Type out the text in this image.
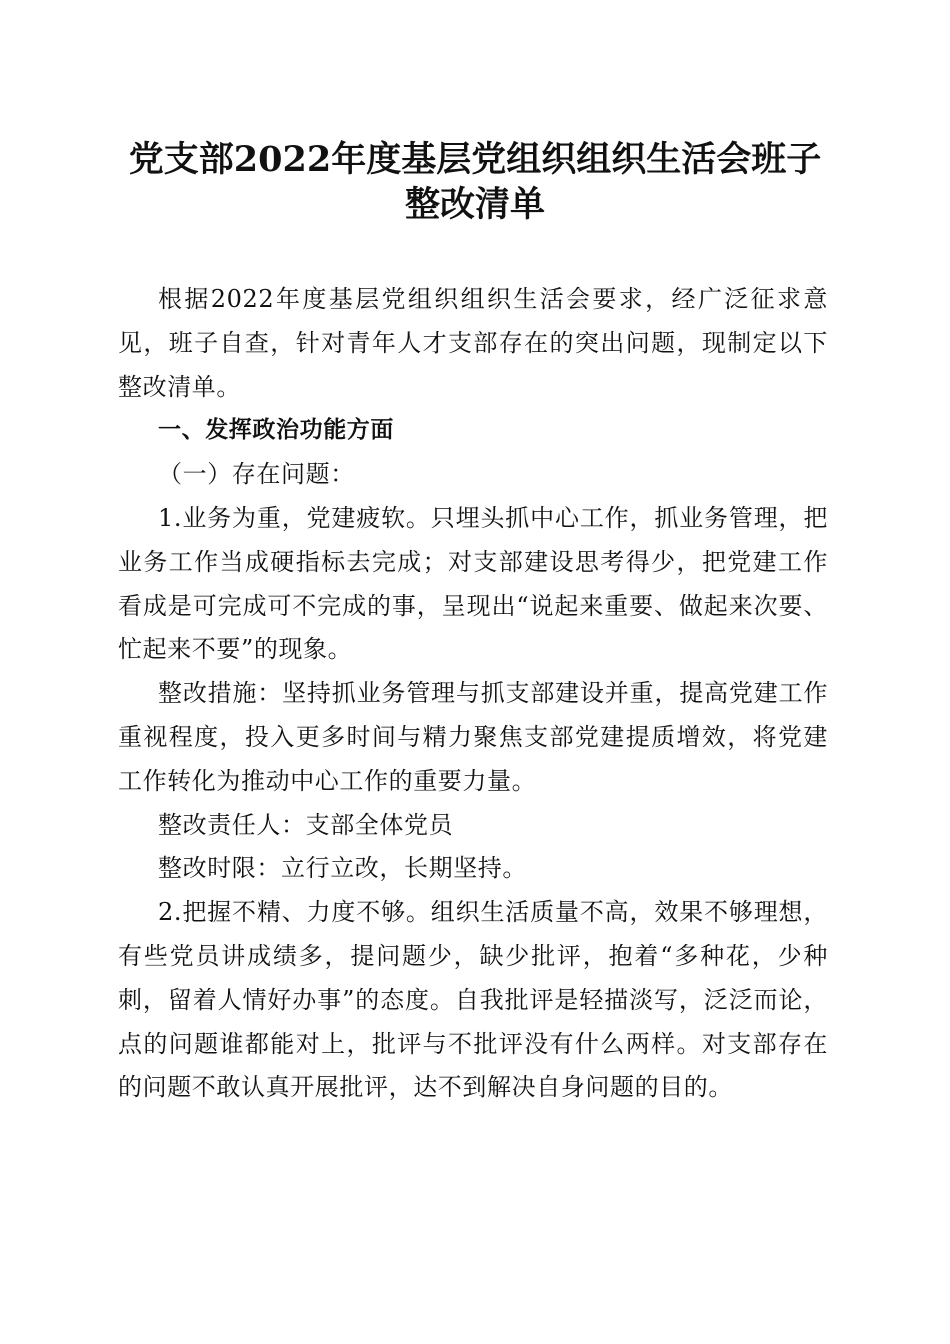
党支部2022年度基层党组织组织生活会班子
整改清单

根据2022年度基层党组织组织生活会要求，经广泛征求意见，班子自查，针对青年人才支部存在的突出问题，现制定以下整改清单。

一、发挥政治功能方面

（一）存在问题：

1.业务为重，党建疲软。只埋头抓中心工作，抓业务管理，把业务工作当成硬指标去完成；对支部建设思考得少，把党建工作看成是可完成可不完成的事，呈现出“说起来重要、做起来次要、忙起来不要”的现象。

整改措施：坚持抓业务管理与抓支部建设并重，提高党建工作重视程度，投入更多时间与精力聚焦支部党建提质增效，将党建工作转化为推动中心工作的重要力量。

整改责任人：支部全体党员

整改时限：立行立改，长期坚持。

2.把握不精、力度不够。组织生活质量不高，效果不够理想，有些党员讲成绩多，提问题少，缺少批评，抱着“多种花，少种刺，留着人情好办事”的态度。自我批评是轻描淡写，泛泛而论，点的问题谁都能对上，批评与不批评没有什么两样。对支部存在的问题不敢认真开展批评，达不到解决自身问题的目的。
